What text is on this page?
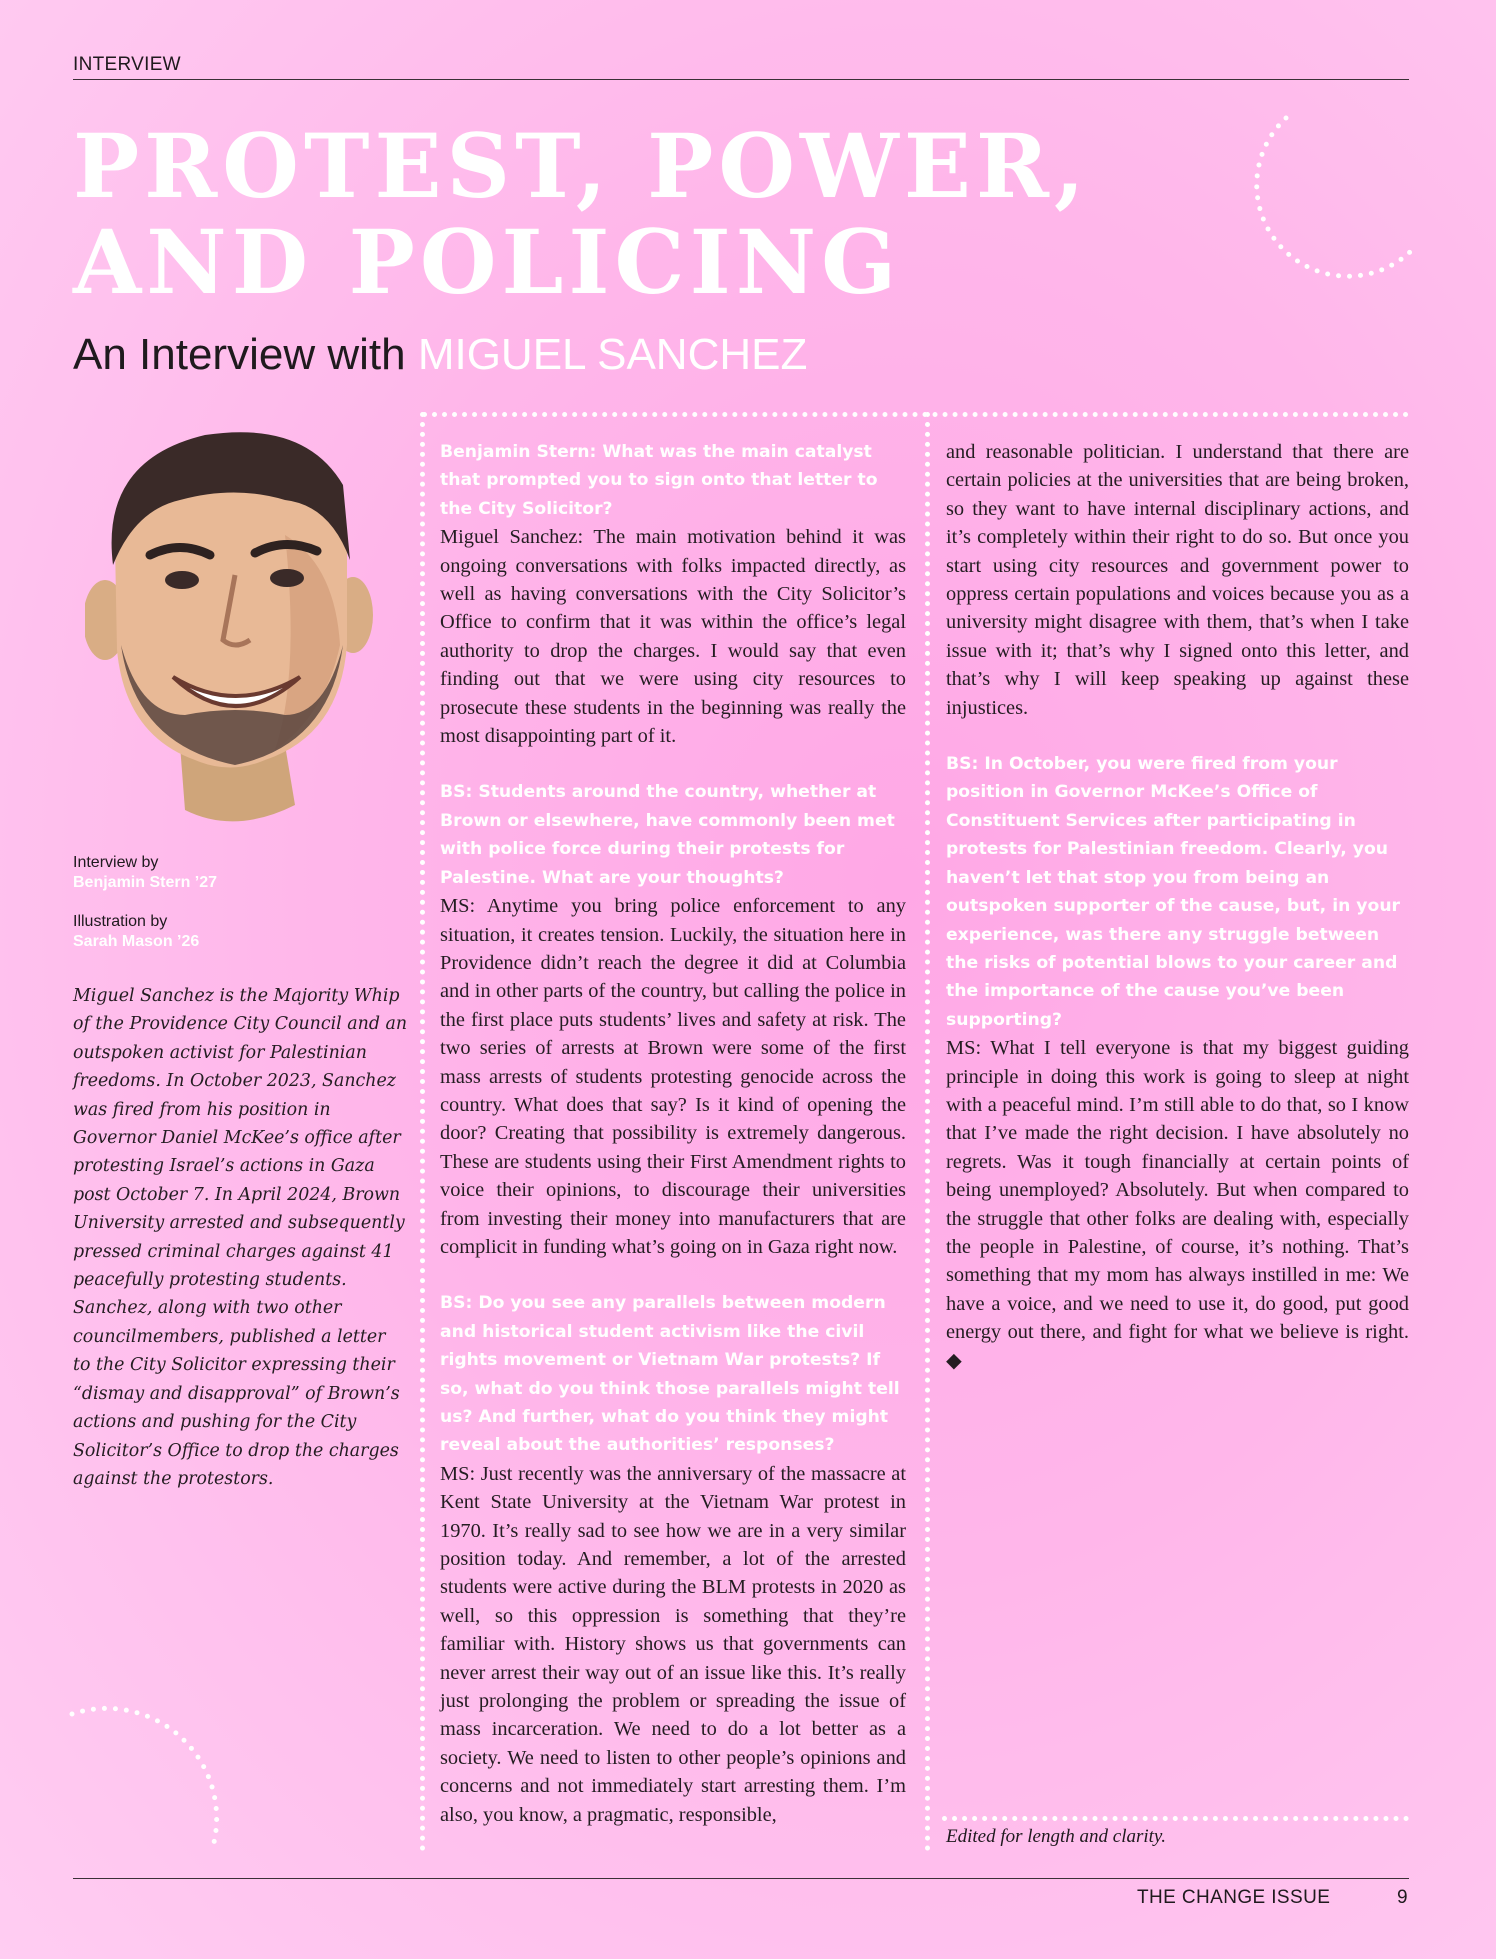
INTERVIEW
PROTEST, POWER,
AND POLICING
An Interview with MIGUEL SANCHEZ
Interview by
Benjamin Stern ’27
Illustration by
Sarah Mason ’26
Miguel Sanchez is the Majority Whip of the Providence City Council and an outspoken activist for Palestinian freedoms. In October 2023, Sanchez was fired from his position in Governor Daniel McKee’s office after protesting Israel’s actions in Gaza post October 7. In April 2024, Brown University arrested and subsequently pressed criminal charges against 41 peacefully protesting students. Sanchez, along with two other councilmembers, published a letter to the City Solicitor expressing their “dismay and disapproval” of Brown’s actions and pushing for the City Solicitor’s Office to drop the charges against the protestors.

Benjamin Stern: What was the main catalyst that prompted you to sign onto that letter to the City Solicitor?

Miguel Sanchez: The main motivation behind it was ongoing conversations with folks impacted directly, as well as having conversations with the City Solicitor’s Office to confirm that it was within the office’s legal authority to drop the charges. I would say that even finding out that we were using city resources to prosecute these students in the beginning was really the most disappointing part of it.

BS: Students around the country, whether at Brown or elsewhere, have commonly been met with police force during their protests for Palestine. What are your thoughts?

MS: Anytime you bring police enforcement to any situation, it creates tension. Luckily, the situation here in Providence didn’t reach the degree it did at Columbia and in other parts of the country, but calling the police in the first place puts students’ lives and safety at risk. The two series of arrests at Brown were some of the first mass arrests of students protesting genocide across the country. What does that say? Is it kind of opening the door? Creating that possibility is extremely dangerous. These are students using their First Amendment rights to voice their opinions, to discourage their universities from investing their money into manufacturers that are complicit in funding what’s going on in Gaza right now.

BS: Do you see any parallels between modern and historical student activism like the civil rights movement or Vietnam War protests? If so, what do you think those parallels might tell us? And further, what do you think they might reveal about the authorities’ responses?

MS: Just recently was the anniversary of the massacre at Kent State University at the Vietnam War protest in 1970. It’s really sad to see how we are in a very similar position today. And remember, a lot of the arrested students were active during the BLM protests in 2020 as well, so this oppression is something that they’re familiar with. History shows us that governments can never arrest their way out of an issue like this. It’s really just prolonging the problem or spreading the issue of mass incarceration. We need to do a lot better as a society. We need to listen to other people’s opinions and concerns and not immediately start arresting them. I’m also, you know, a pragmatic, responsible,

and reasonable politician. I understand that there are certain policies at the universities that are being broken, so they want to have internal disciplinary actions, and it’s completely within their right to do so. But once you start using city resources and government power to oppress certain populations and voices because you as a university might disagree with them, that’s when I take issue with it; that’s why I signed onto this letter, and that’s why I will keep speaking up against these injustices.

BS: In October, you were fired from your position in Governor McKee’s Office of Constituent Services after participating in protests for Palestinian freedom. Clearly, you haven’t let that stop you from being an outspoken supporter of the cause, but, in your experience, was there any struggle between the risks of potential blows to your career and the importance of the cause you’ve been supporting?

MS: What I tell everyone is that my biggest guiding principle in doing this work is going to sleep at night with a peaceful mind. I’m still able to do that, so I know that I’ve made the right decision. I have absolutely no regrets. Was it tough financially at certain points of being unemployed? Absolutely. But when compared to the struggle that other folks are dealing with, especially the people in Palestine, of course, it’s nothing. That’s something that my mom has always instilled in me: We have a voice, and we need to use it, do good, put good energy out there, and fight for what we believe is right. ◆

Edited for length and clarity.
THE CHANGE ISSUE	9
